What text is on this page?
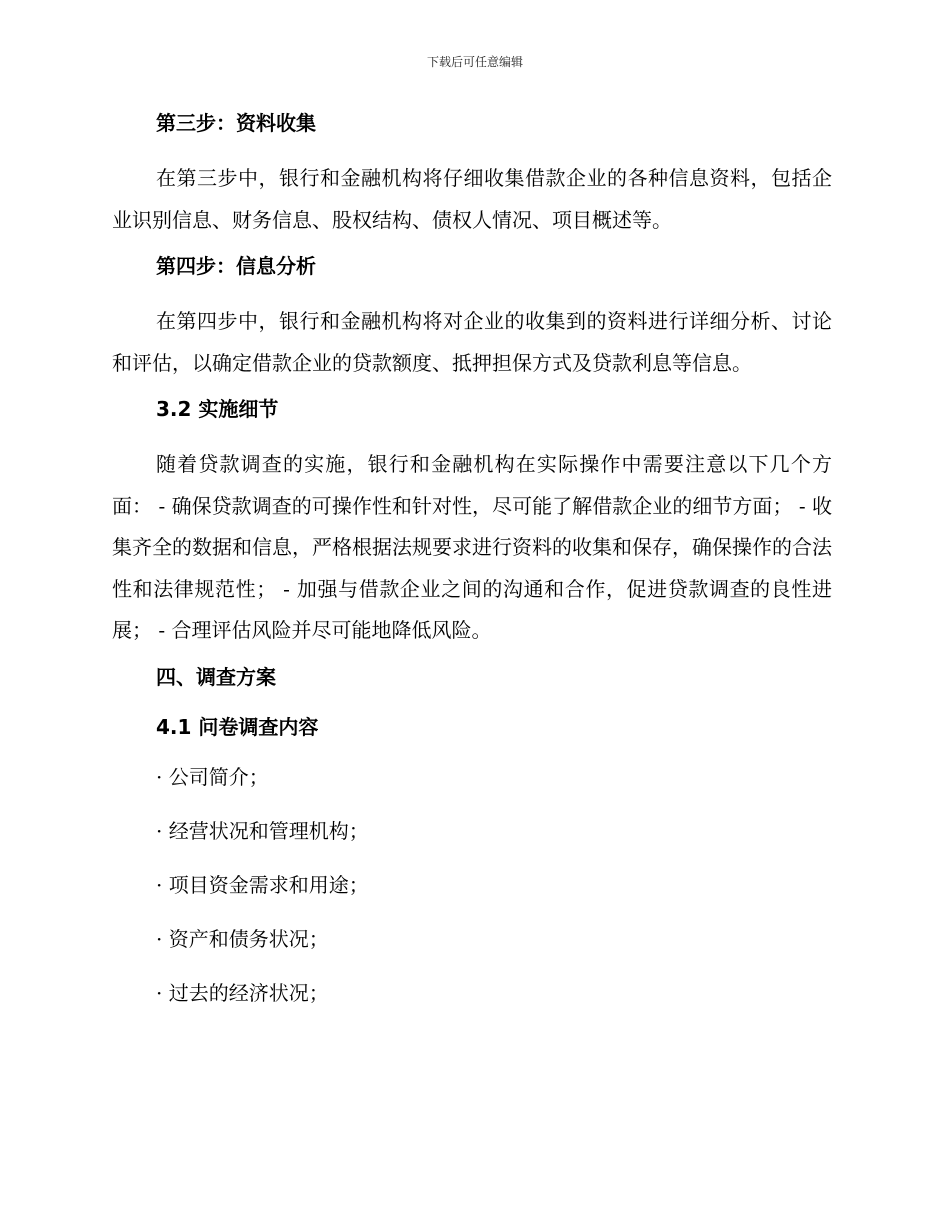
下载后可任意编辑
第三步：资料收集
在第三步中，银行和金融机构将仔细收集借款企业的各种信息资料，包括企业识别信息、财务信息、股权结构、债权人情况、项目概述等。
第四步：信息分析
在第四步中，银行和金融机构将对企业的收集到的资料进行详细分析、讨论和评估，以确定借款企业的贷款额度、抵押担保方式及贷款利息等信息。
3.2 实施细节
随着贷款调查的实施，银行和金融机构在实际操作中需要注意以下几个方面： - 确保贷款调查的可操作性和针对性，尽可能了解借款企业的细节方面； - 收集齐全的数据和信息，严格根据法规要求进行资料的收集和保存，确保操作的合法性和法律规范性； - 加强与借款企业之间的沟通和合作，促进贷款调查的良性进展； - 合理评估风险并尽可能地降低风险。
四、调查方案
4.1 问卷调查内容
· 公司简介；
· 经营状况和管理机构；
· 项目资金需求和用途；
· 资产和债务状况；
· 过去的经济状况；
